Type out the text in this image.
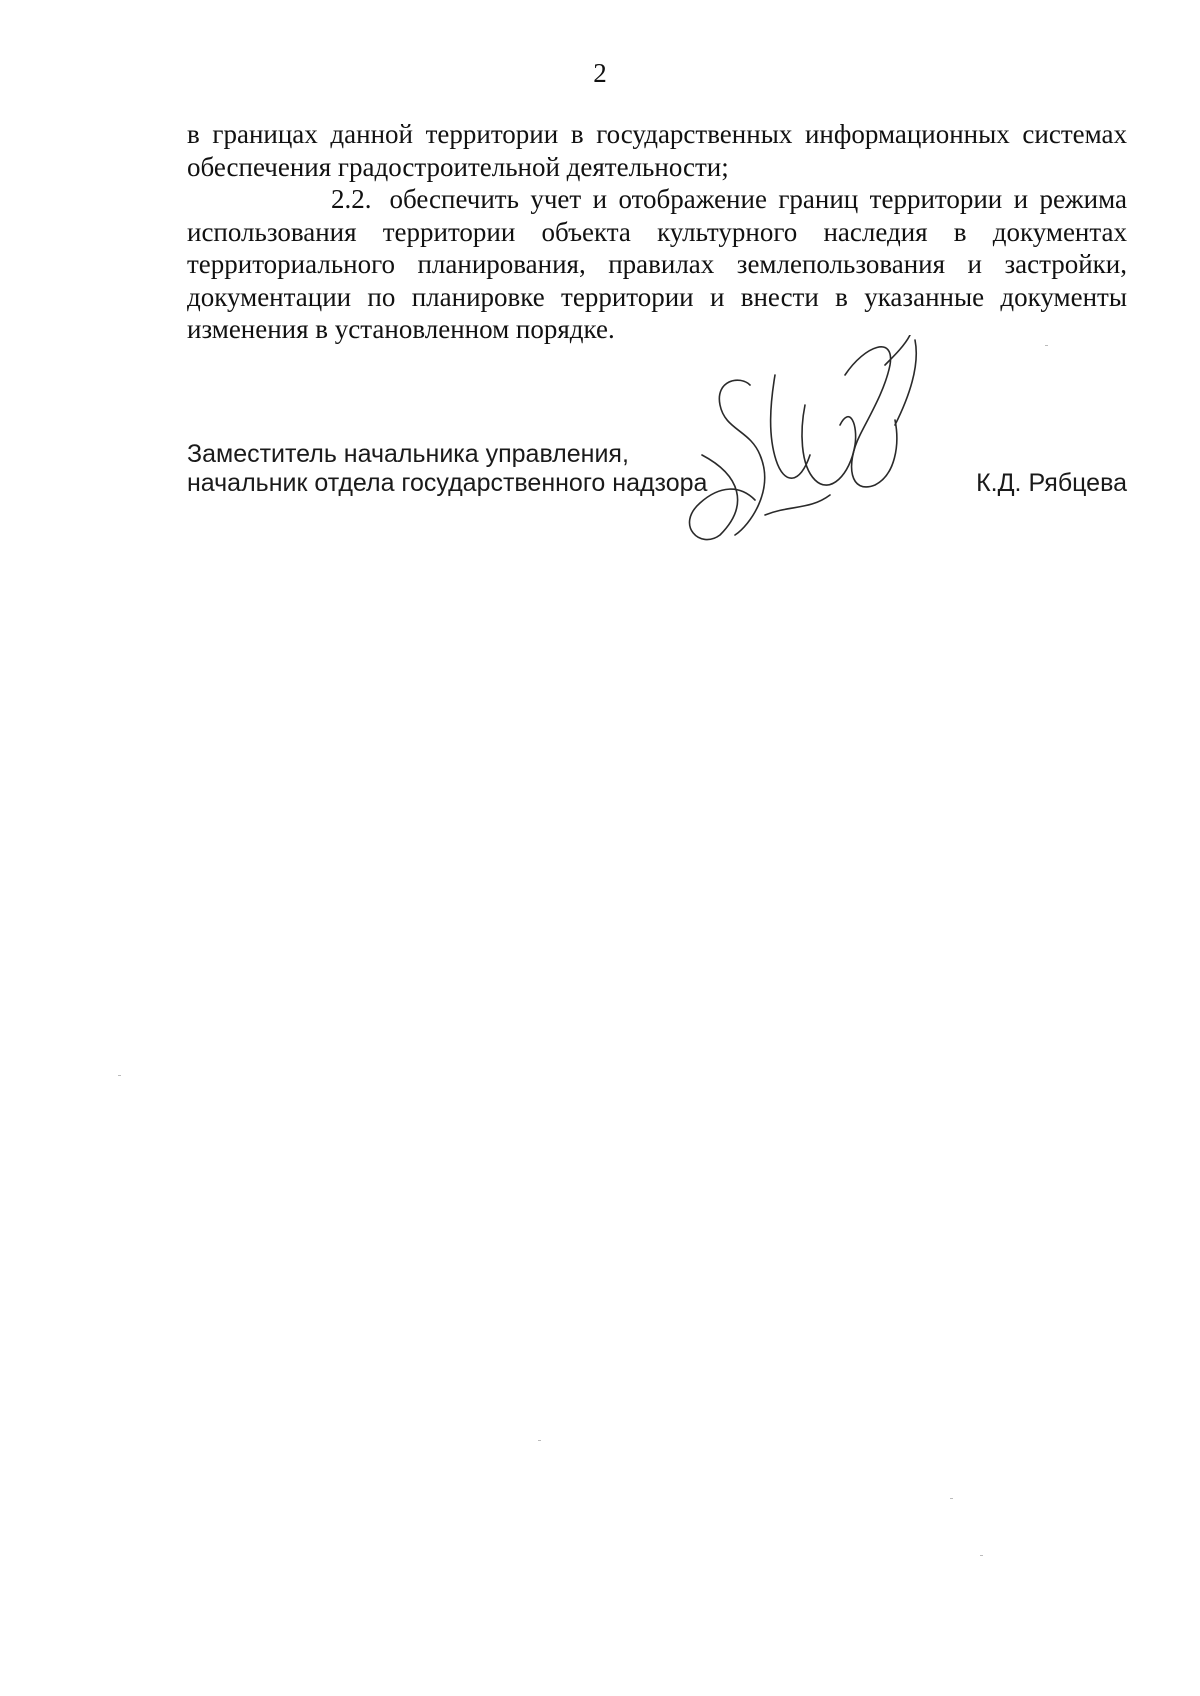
2

в границах данной территории в государственных информационных системах обеспечения градостроительной деятельности;

2.2. обеспечить учет и отображение границ территории и режима использования территории объекта культурного наследия в документах территориального планирования, правилах землепользования и застройки, документации по планировке территории и внести в указанные документы изменения в установленном порядке.

Заместитель начальника управления,
начальник отдела государственного надзора	К.Д. Рябцева
